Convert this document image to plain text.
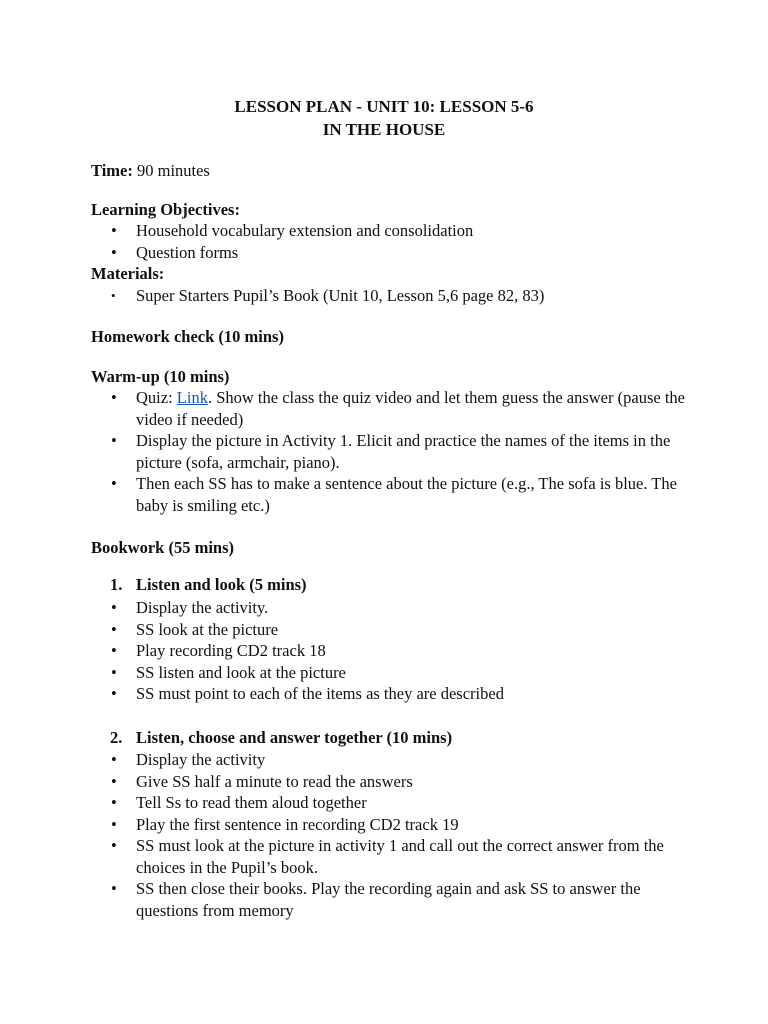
LESSON PLAN - UNIT 10: LESSON 5-6
IN THE HOUSE
Time: 90 minutes
Learning Objectives:
• Household vocabulary extension and consolidation
• Question forms
Materials:
• Super Starters Pupil’s Book (Unit 10, Lesson 5,6 page 82, 83)
Homework check (10 mins)
Warm-up (10 mins)
• Quiz: Link. Show the class the quiz video and let them guess the answer (pause the video if needed)
• Display the picture in Activity 1. Elicit and practice the names of the items in the picture (sofa, armchair, piano).
• Then each SS has to make a sentence about the picture (e.g., The sofa is blue. The baby is smiling etc.)
Bookwork (55 mins)
1. Listen and look (5 mins)
• Display the activity.
• SS look at the picture
• Play recording CD2 track 18
• SS listen and look at the picture
• SS must point to each of the items as they are described
2. Listen, choose and answer together (10 mins)
• Display the activity
• Give SS half a minute to read the answers
• Tell Ss to read them aloud together
• Play the first sentence in recording CD2 track 19
• SS must look at the picture in activity 1 and call out the correct answer from the choices in the Pupil’s book.
• SS then close their books. Play the recording again and ask SS to answer the questions from memory
